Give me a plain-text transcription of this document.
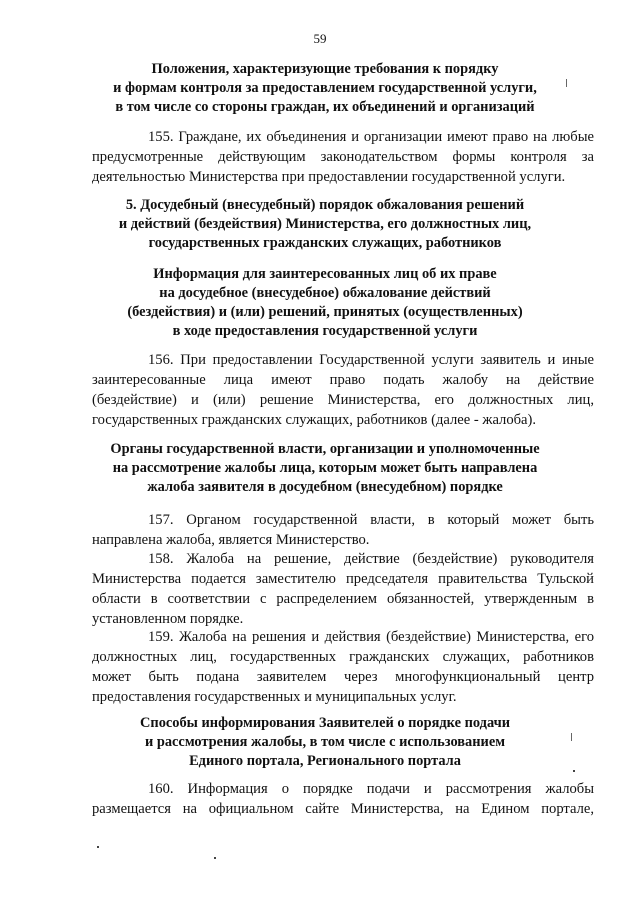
59
Положения, характеризующие требования к порядку
и формам контроля за предоставлением государственной услуги,
в том числе со стороны граждан, их объединений и организаций
155. Граждане, их объединения и организации имеют право на любые
предусмотренные действующим законодательством формы контроля за
деятельностью Министерства при предоставлении государственной услуги.
5. Досудебный (внесудебный) порядок обжалования решений
и действий (бездействия) Министерства, его должностных лиц,
государственных гражданских служащих, работников
Информация для заинтересованных лиц об их праве
на досудебное (внесудебное) обжалование действий
(бездействия) и (или) решений, принятых (осуществленных)
в ходе предоставления государственной услуги
156. При предоставлении Государственной услуги заявитель и иные
заинтересованные лица имеют право подать жалобу на действие
(бездействие) и (или) решение Министерства, его должностных лиц,
государственных гражданских служащих, работников (далее - жалоба).
Органы государственной власти, организации и уполномоченные
на рассмотрение жалобы лица, которым может быть направлена
жалоба заявителя в досудебном (внесудебном) порядке
157. Органом государственной власти, в который может быть
направлена жалоба, является Министерство.
158. Жалоба на решение, действие (бездействие) руководителя
Министерства подается заместителю председателя правительства Тульской
области в соответствии с распределением обязанностей, утвержденным в
установленном порядке.
159. Жалоба на решения и действия (бездействие) Министерства, его
должностных лиц, государственных гражданских служащих, работников
может быть подана заявителем через многофункциональный центр
предоставления государственных и муниципальных услуг.
Способы информирования Заявителей о порядке подачи
и рассмотрения жалобы, в том числе с использованием
Единого портала, Регионального портала
160. Информация о порядке подачи и рассмотрения жалобы
размещается на официальном сайте Министерства, на Едином портале,
